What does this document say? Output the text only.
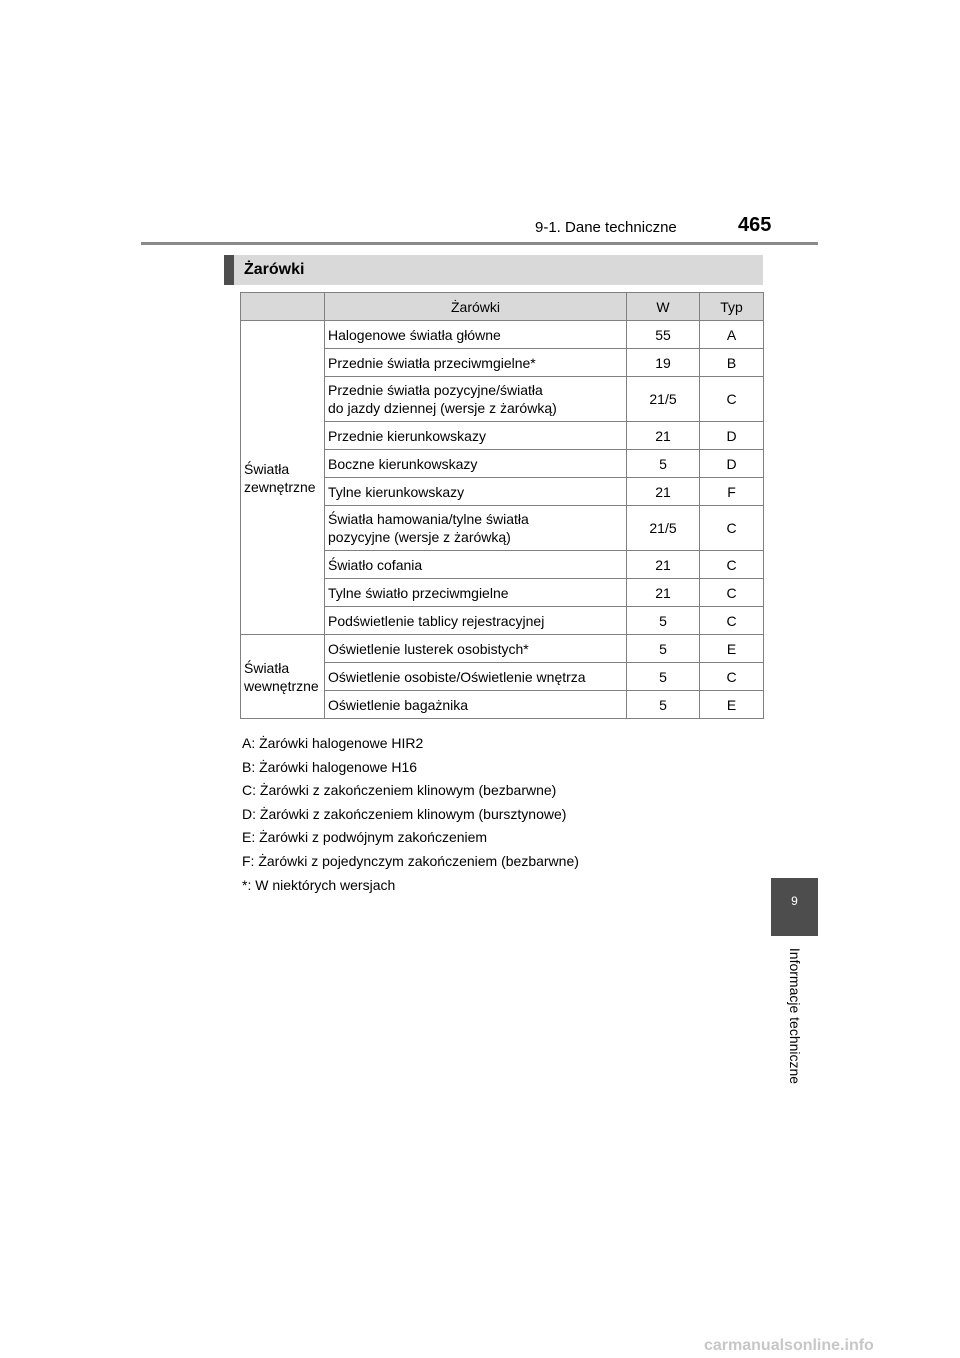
9-1. Dane techniczne	465
Żarówki
	Żarówki	W	Typ
Światła
zewnętrzne	Halogenowe światła główne	55	A
	Przednie światła przeciwmgielne*	19	B
	Przednie światła pozycyjne/światła
do jazdy dziennej (wersje z żarówką)	21/5	C
	Przednie kierunkowskazy	21	D
	Boczne kierunkowskazy	5	D
	Tylne kierunkowskazy	21	F
	Światła hamowania/tylne światła
pozycyjne (wersje z żarówką)	21/5	C
	Światło cofania	21	C
	Tylne światło przeciwmgielne	21	C
	Podświetlenie tablicy rejestracyjnej	5	C
Światła
wewnętrzne	Oświetlenie lusterek osobistych*	5	E
	Oświetlenie osobiste/Oświetlenie wnętrza	5	C
	Oświetlenie bagażnika	5	E
A: Żarówki halogenowe HIR2
B: Żarówki halogenowe H16
C: Żarówki z zakończeniem klinowym (bezbarwne)
D: Żarówki z zakończeniem klinowym (bursztynowe)
E: Żarówki z podwójnym zakończeniem
F: Żarówki z pojedynczym zakończeniem (bezbarwne)
*: W niektórych wersjach
9
Informacje techniczne
carmanualsonline.info
